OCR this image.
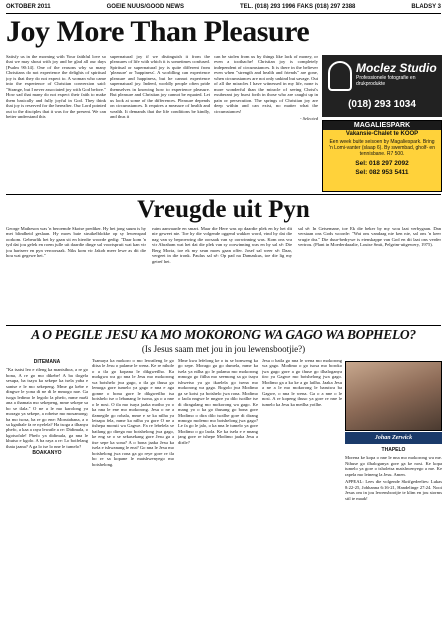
OKTOBER 2011	GOEIE NUUS/GOOD NEWS	TEL. (018) 293 1996 FAKS (018) 297 2388	BLADSY 3
Joy More Than Pleasure

Satisfy us in the morning with Your faithful love so that we may shout with joy and be glad all our days [Psalm 90:14]. One of the reasons why so many Christians do not experience the delights of spiritual joy is that they do not expect to. A woman who came into the experience of Christian conversion said: "Strange, but I never associated joy with God before." How sad that many do not expect their faith to make them basically and fully joyful in God. They think that joy is reserved for the hereafter. Our Lord pointed out to the disciples that it was for the present. We can better understand this

supernatural joy if we distinguish it from the pleasures of life with which it is sometimes confused. Spiritual or supernatural joy is quite different from 'pleasure' or 'happiness'. A worldling can experience pleasure and happiness, but he cannot experience supernatural joy. Indeed, worldly people often pride themselves in knowing how to experience pleasure. But pleasure and Christian joy cannot be equated. Let us look at some of the differences. Pleasure depends on circumstances. It requires a measure of health and wealth. It demands that the life conditions be kindly, and thus it

can be stolen from us by things like lack of money, or even a toothache! Christian joy is completely independent of circumstances. It is there in the believer even when "strength and health and friends" are gone, when circumstances are not only unkind but savage. Out of all the miracles I have witnessed in my life, none is more wonderful than the miracle of seeing Christ's exuberant joy burst forth in those who are caught up in pain or persecution. The springs of Christian joy are deep within and can exist, no matter what the circumstances!

- Selected

Moclez Studio
Professionele fotografie en drukprodukte
(018) 293 1034
MAGALIESPARK
Vakansie-Chalet te KOOP
Een week buite seisoen by Magaliespark. Bring 'n Lomi-vanter (slaap 6). By swembad, gholf- en tennisbane. R7 500.
Sel: 018 297 2092
Sel: 082 953 5411
Vreugde uit Pyn

George Matheson was 'n beroemde Skotse prediker. Hy het jong suum is hy met blindheid geslaan. Hy moes baie struikelblokke op sy lewenspad oorkom. Gebeurlik het hy gaan sit en hierdie woorde gedig: "Daar kom 'n tyd dat jou gelek en roem julle uit daardie dinge sal voortspruit wat kan vir jou hartseer en pyn veroorsaak. Niks kom vir Jakob meer lewe as dit die hou wat gegewe het."

ruim aanvaarde en smart. Maar die Here was op daardie plek en hy het dit nie geweet nie. Toe hy die volgende oggend wakker word, vind hy dat die nag van sy beproewing die oorsaak van sy oorwinning was. Kom ons vra vir Abraham wat het dat die plek van sy oorwinning was en hy sal sê: Die Berg Moria, toe ek my seun moes gaan offer. Josef sal weer sê: Daar, vergeet in die tronk. Paulus sal sê: Op pad na Damaskus, toe die lig my getref het.

sal sê: In Getsemane, toe Ek die beker by my wou laat verbygaan. Dan verstaan ons Gods woorde: "Wat ons vandaag nie ken nie, sal ons 'n keer vrugte dra." Die duur-bedrywe is eienskappe van God en dit laat ons verder vertrou. (Plant in Moederdaaalie, Louise Smit, Pelgrim-uitgewery, 1975).

A O PEGILE JESU KA MO MOKORONG WA GAGO WA BOPHELO?
(Is Jesus saam met jou in jou lewensbootjie?)
DITEMANA

"Ka tsatsi leo e rileng ka mantsiboa, a re go bona, A re go mo dikebe! A ba tlogela sesupa, ba tsaya ka sekepe ka tsela yaba e santse e le mo sekepeng. Mme ga kebe e dingwe le yona di ne di le mmogo nae. Ga tsoga ledimo le legolo la phefo, mme maši ana a thamata mo sekepeng, mme sekepe sa bo se tlala." O ne a le mo karolong ya morago ya sekepe, a robetse mo mosamong; ba mo tsosa, ba re go ene: Morutabana, a o sa kgathale fa re nyelela? Ha tsoga a tlhanya phefo, a kaa a raya lewatle a re: Didimala, o kgotsofale! Phefo ya didimala, ga nna le khutso e kgolo. A ba raya a re: Lo boifelang thata jaana? A ga lo ise lo nne le tumelo?

BOAKANYO

Tsamaya ka mokoro o mo lewatleng le go ditsa le Jesu o palame le wena. Ke re nthole o a tla go kopana le dikgwetlho. Ka mokgwa wa go nna le Jesu mo mokorong wa botshelo jwa gago, o tla go thusa go lemoga gore tumelo ya gago e nna e aga gonne o bona gore le dikgwetlho tsa botshelo tse o lebanang le tsona, ga o a nne o le nosi. O tla mo tsaya jaaka motho yo o ka nna le ene mo mokorong. Jesu o ne a tlamegile go robala, mme e se ka ntlha ya letsapa fela, mme ka ntlha ya gore O ne a itshepa moruti wa Gagwe. Fa re lebelela se batlang go direga mo botshelong jwa gago, ke eng se o se sekasekang gore Jesu ga a itse sepe ka sona? A o bona jaaka Jesu ka tsela e tshwanang le ena? Go nna le Jesu mo botshelong jwa rona ga go reye gore re tla bo re sa kopane le matshwenyego mo botshelong.

Mme kwa lefelong ke o tu se bonweng ka go sepe. Morago ga go dumela, mme ka tsela ya ntlha go le palama mo mokorong mmogo go fitlha mo seemong sa go tsaya tshwetso ya go ikaelela go tsena mo mokorong wa gago. Bogolo jwa Modimo ga se kotsi ya botshelo jwa rona. Modimo o laola nngwe le nngwe ya dilo tsotlhe tse di diragalang mo mokorong wa gago. Ke mang yo o ka go thusang go bona gore Modimo o dira dilo tsotlhe gore di dirang mmogo molemo mo botshelong jwa gago? Le fa go le jalo, o ka nna le tumelo ya gore Modimo o go laola. Ke ka tsela e e nnang jang gore re tshepe Modimo jaaka Jesu a dirile?

Jesu o batla go nna le wena mo mokorong wa gago. Modimo o go tsosa mo boroko jwa gago gore a go thuse go tlhaloganya tiro ya Gagwe mo botshelong jwa gago. Modimo ga a ka ke a go latlha. Jaaka Jesu a ne a le mo mokorong le barutwa ba Gagwe, o nna le wena. Ga o a nne o le nosi. A re kopeng thuso ya gore re nne le tumelo ka Jesu ka metlha yotlhe.

Johan Zerwick
THAPELO

Morena ke kopa o nne le nna mo mokorong wa me. Nthuse go tlhaloganya gore ga ke nosi. Ke kopa tumelo ya gore o tsholetsa matshwenyego a me. Ke rapela mo leineng la Jesu. Amen.

APPEAL: Lees die volgende Skrifgedeeltes: Lukas 8:22-25, Jobhanna 6:16-21, Handelinge 27:24. Nooi Jesus om in jou lewensbootjie te klim en jou storms stil te maak!
